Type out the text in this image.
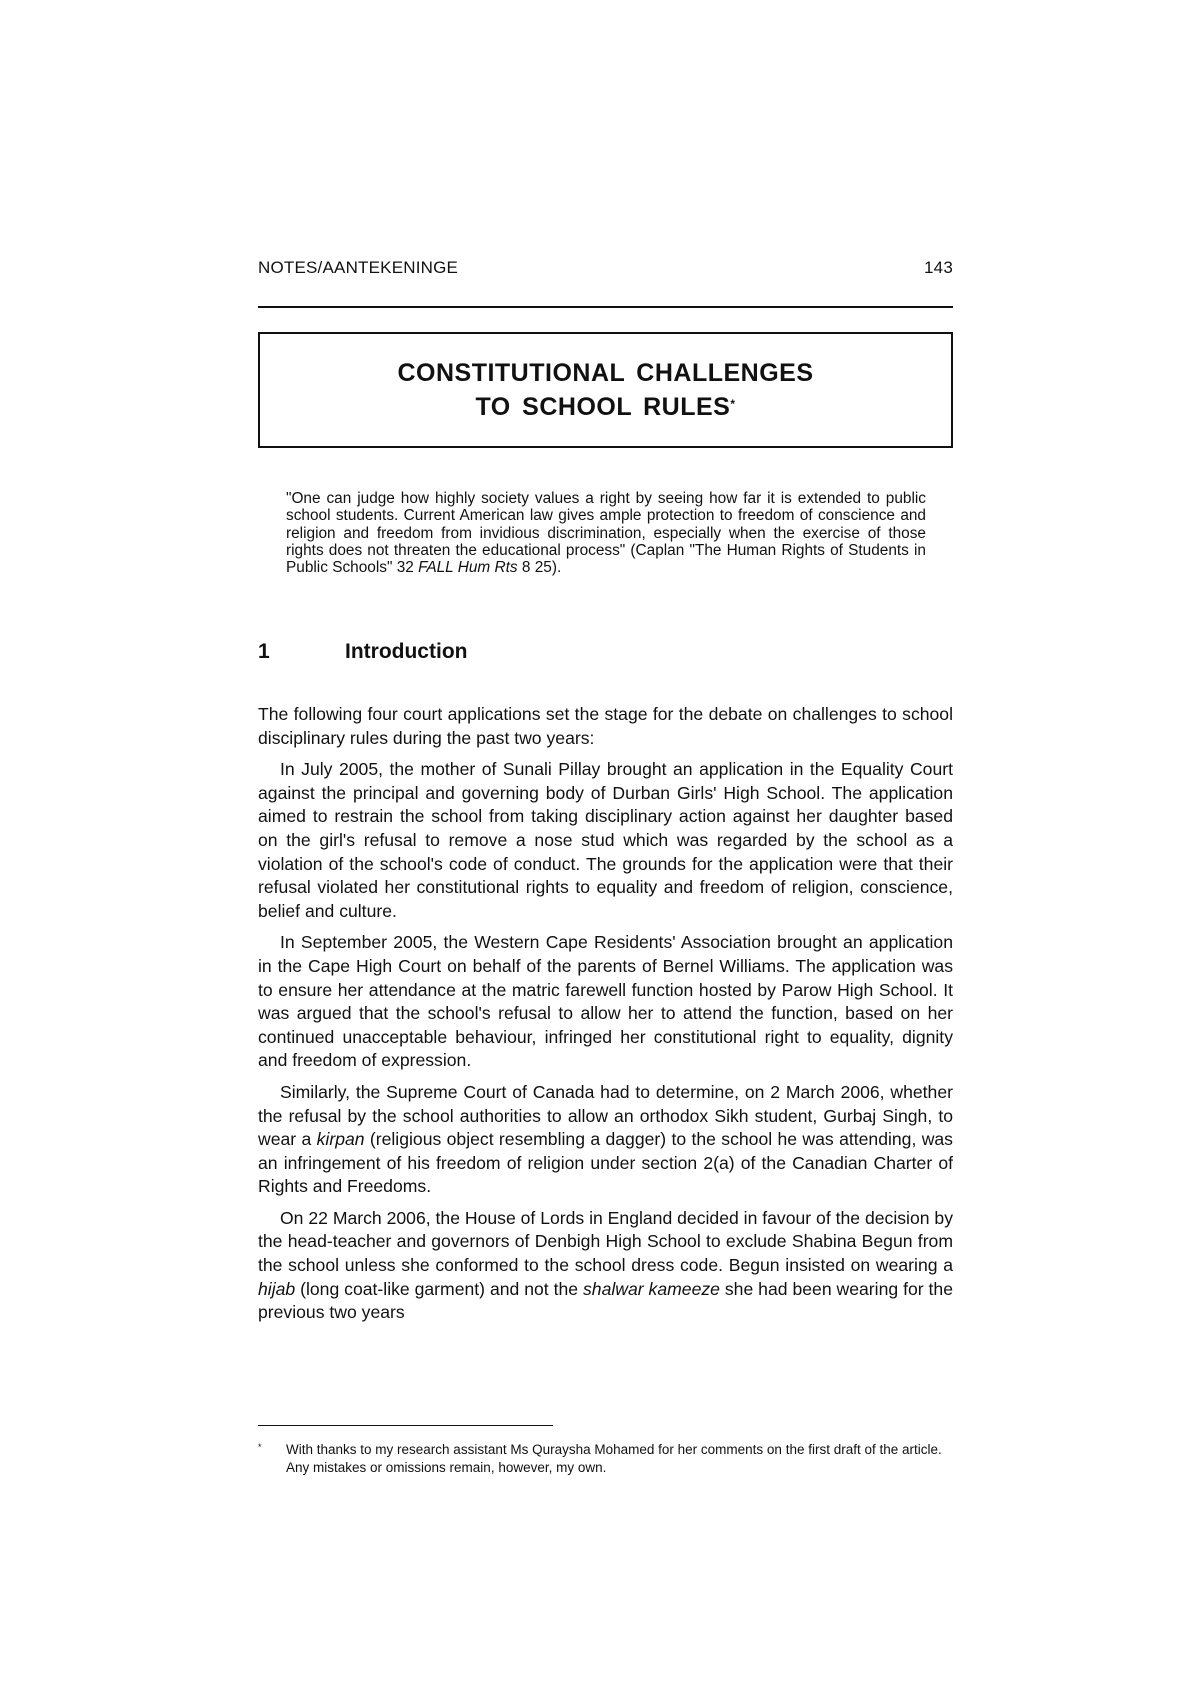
NOTES/AANTEKENINGE	143
CONSTITUTIONAL CHALLENGES
TO SCHOOL RULES*

"One can judge how highly society values a right by seeing how far it is extended to public school students. Current American law gives ample protection to freedom of conscience and religion and freedom from invidious discrimination, especially when the exercise of those rights does not threaten the educational process" (Caplan "The Human Rights of Students in Public Schools" 32 FALL Hum Rts 8 25).

1	Introduction

The following four court applications set the stage for the debate on challenges to school disciplinary rules during the past two years:

In July 2005, the mother of Sunali Pillay brought an application in the Equality Court against the principal and governing body of Durban Girls' High School. The application aimed to restrain the school from taking disciplinary action against her daughter based on the girl's refusal to remove a nose stud which was regarded by the school as a violation of the school's code of conduct. The grounds for the application were that their refusal violated her constitutional rights to equality and freedom of religion, conscience, belief and culture.

In September 2005, the Western Cape Residents' Association brought an application in the Cape High Court on behalf of the parents of Bernel Williams. The application was to ensure her attendance at the matric farewell function hosted by Parow High School. It was argued that the school's refusal to allow her to attend the function, based on her continued unacceptable behaviour, infringed her constitutional right to equality, dignity and freedom of expression.

Similarly, the Supreme Court of Canada had to determine, on 2 March 2006, whether the refusal by the school authorities to allow an orthodox Sikh student, Gurbaj Singh, to wear a kirpan (religious object resembling a dagger) to the school he was attending, was an infringement of his freedom of religion under section 2(a) of the Canadian Charter of Rights and Freedoms.

On 22 March 2006, the House of Lords in England decided in favour of the decision by the head-teacher and governors of Denbigh High School to exclude Shabina Begun from the school unless she conformed to the school dress code. Begun insisted on wearing a hijab (long coat-like garment) and not the shalwar kameeze she had been wearing for the previous two years

*	With thanks to my research assistant Ms Quraysha Mohamed for her comments on the first draft of the article. Any mistakes or omissions remain, however, my own.
